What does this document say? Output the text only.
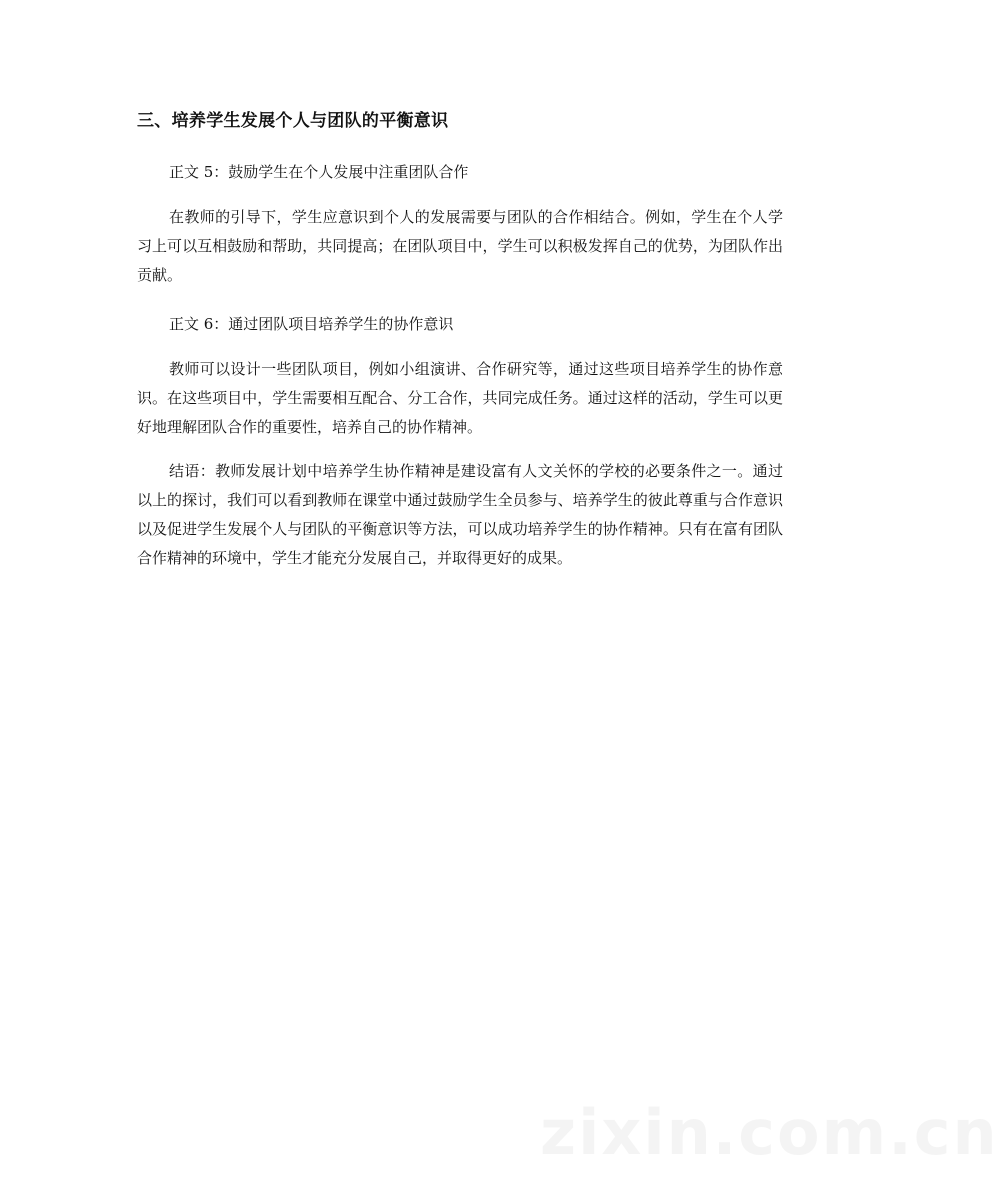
三、培养学生发展个人与团队的平衡意识

正文 5：鼓励学生在个人发展中注重团队合作

在教师的引导下，学生应意识到个人的发展需要与团队的合作相结合。例如，学生在个人学习上可以互相鼓励和帮助，共同提高；在团队项目中，学生可以积极发挥自己的优势，为团队作出贡献。

正文 6：通过团队项目培养学生的协作意识

教师可以设计一些团队项目，例如小组演讲、合作研究等，通过这些项目培养学生的协作意识。在这些项目中，学生需要相互配合、分工合作，共同完成任务。通过这样的活动，学生可以更好地理解团队合作的重要性，培养自己的协作精神。

结语：教师发展计划中培养学生协作精神是建设富有人文关怀的学校的必要条件之一。通过以上的探讨，我们可以看到教师在课堂中通过鼓励学生全员参与、培养学生的彼此尊重与合作意识以及促进学生发展个人与团队的平衡意识等方法，可以成功培养学生的协作精神。只有在富有团队合作精神的环境中，学生才能充分发展自己，并取得更好的成果。

zixin.com.cn
